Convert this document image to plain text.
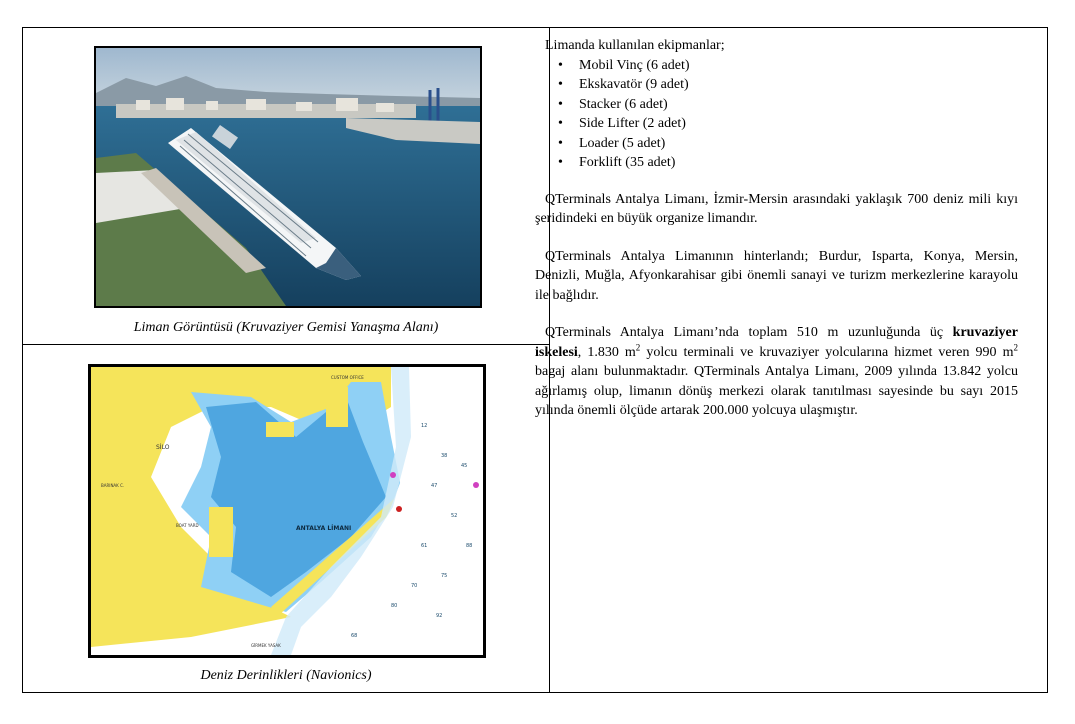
Liman Görüntüsü (Kruvaziyer Gemisi Yanaşma Alanı)
12
38
47
52
61
75
80
92
45
68
70
88
ANTALYA LİMANI
SİLO
CUSTOM OFFICE
BOAT YARD
BARINAK C.
GİRMEK YASAK
Deniz Derinlikleri (Navionics)
Limanda kullanılan ekipmanlar;
• Mobil Vinç (6 adet)
• Ekskavatör (9 adet)
• Stacker (6 adet)
• Side Lifter (2 adet)
• Loader (5 adet)
• Forklift (35 adet)

QTerminals Antalya Limanı, İzmir-Mersin arasındaki yaklaşık 700 deniz mili kıyı şeridindeki en büyük organize limandır.

QTerminals Antalya Limanının hinterlandı; Burdur, Isparta, Konya, Mersin, Denizli, Muğla, Afyonkarahisar gibi önemli sanayi ve turizm merkezlerine karayolu ile bağlıdır.

QTerminals Antalya Limanı’nda toplam 510 m uzunluğunda üç kruvaziyer iskelesi, 1.830 $m^2$ yolcu terminali ve kruvaziyer yolcularına hizmet veren 990 $m^2$ bagaj alanı bulunmaktadır. QTerminals Antalya Limanı, 2009 yılında 13.842 yolcu ağırlamış olup, limanın dönüş merkezi olarak tanıtılması sayesinde bu sayı 2015 yılında önemli ölçüde artarak 200.000 yolcuya ulaşmıştır.
